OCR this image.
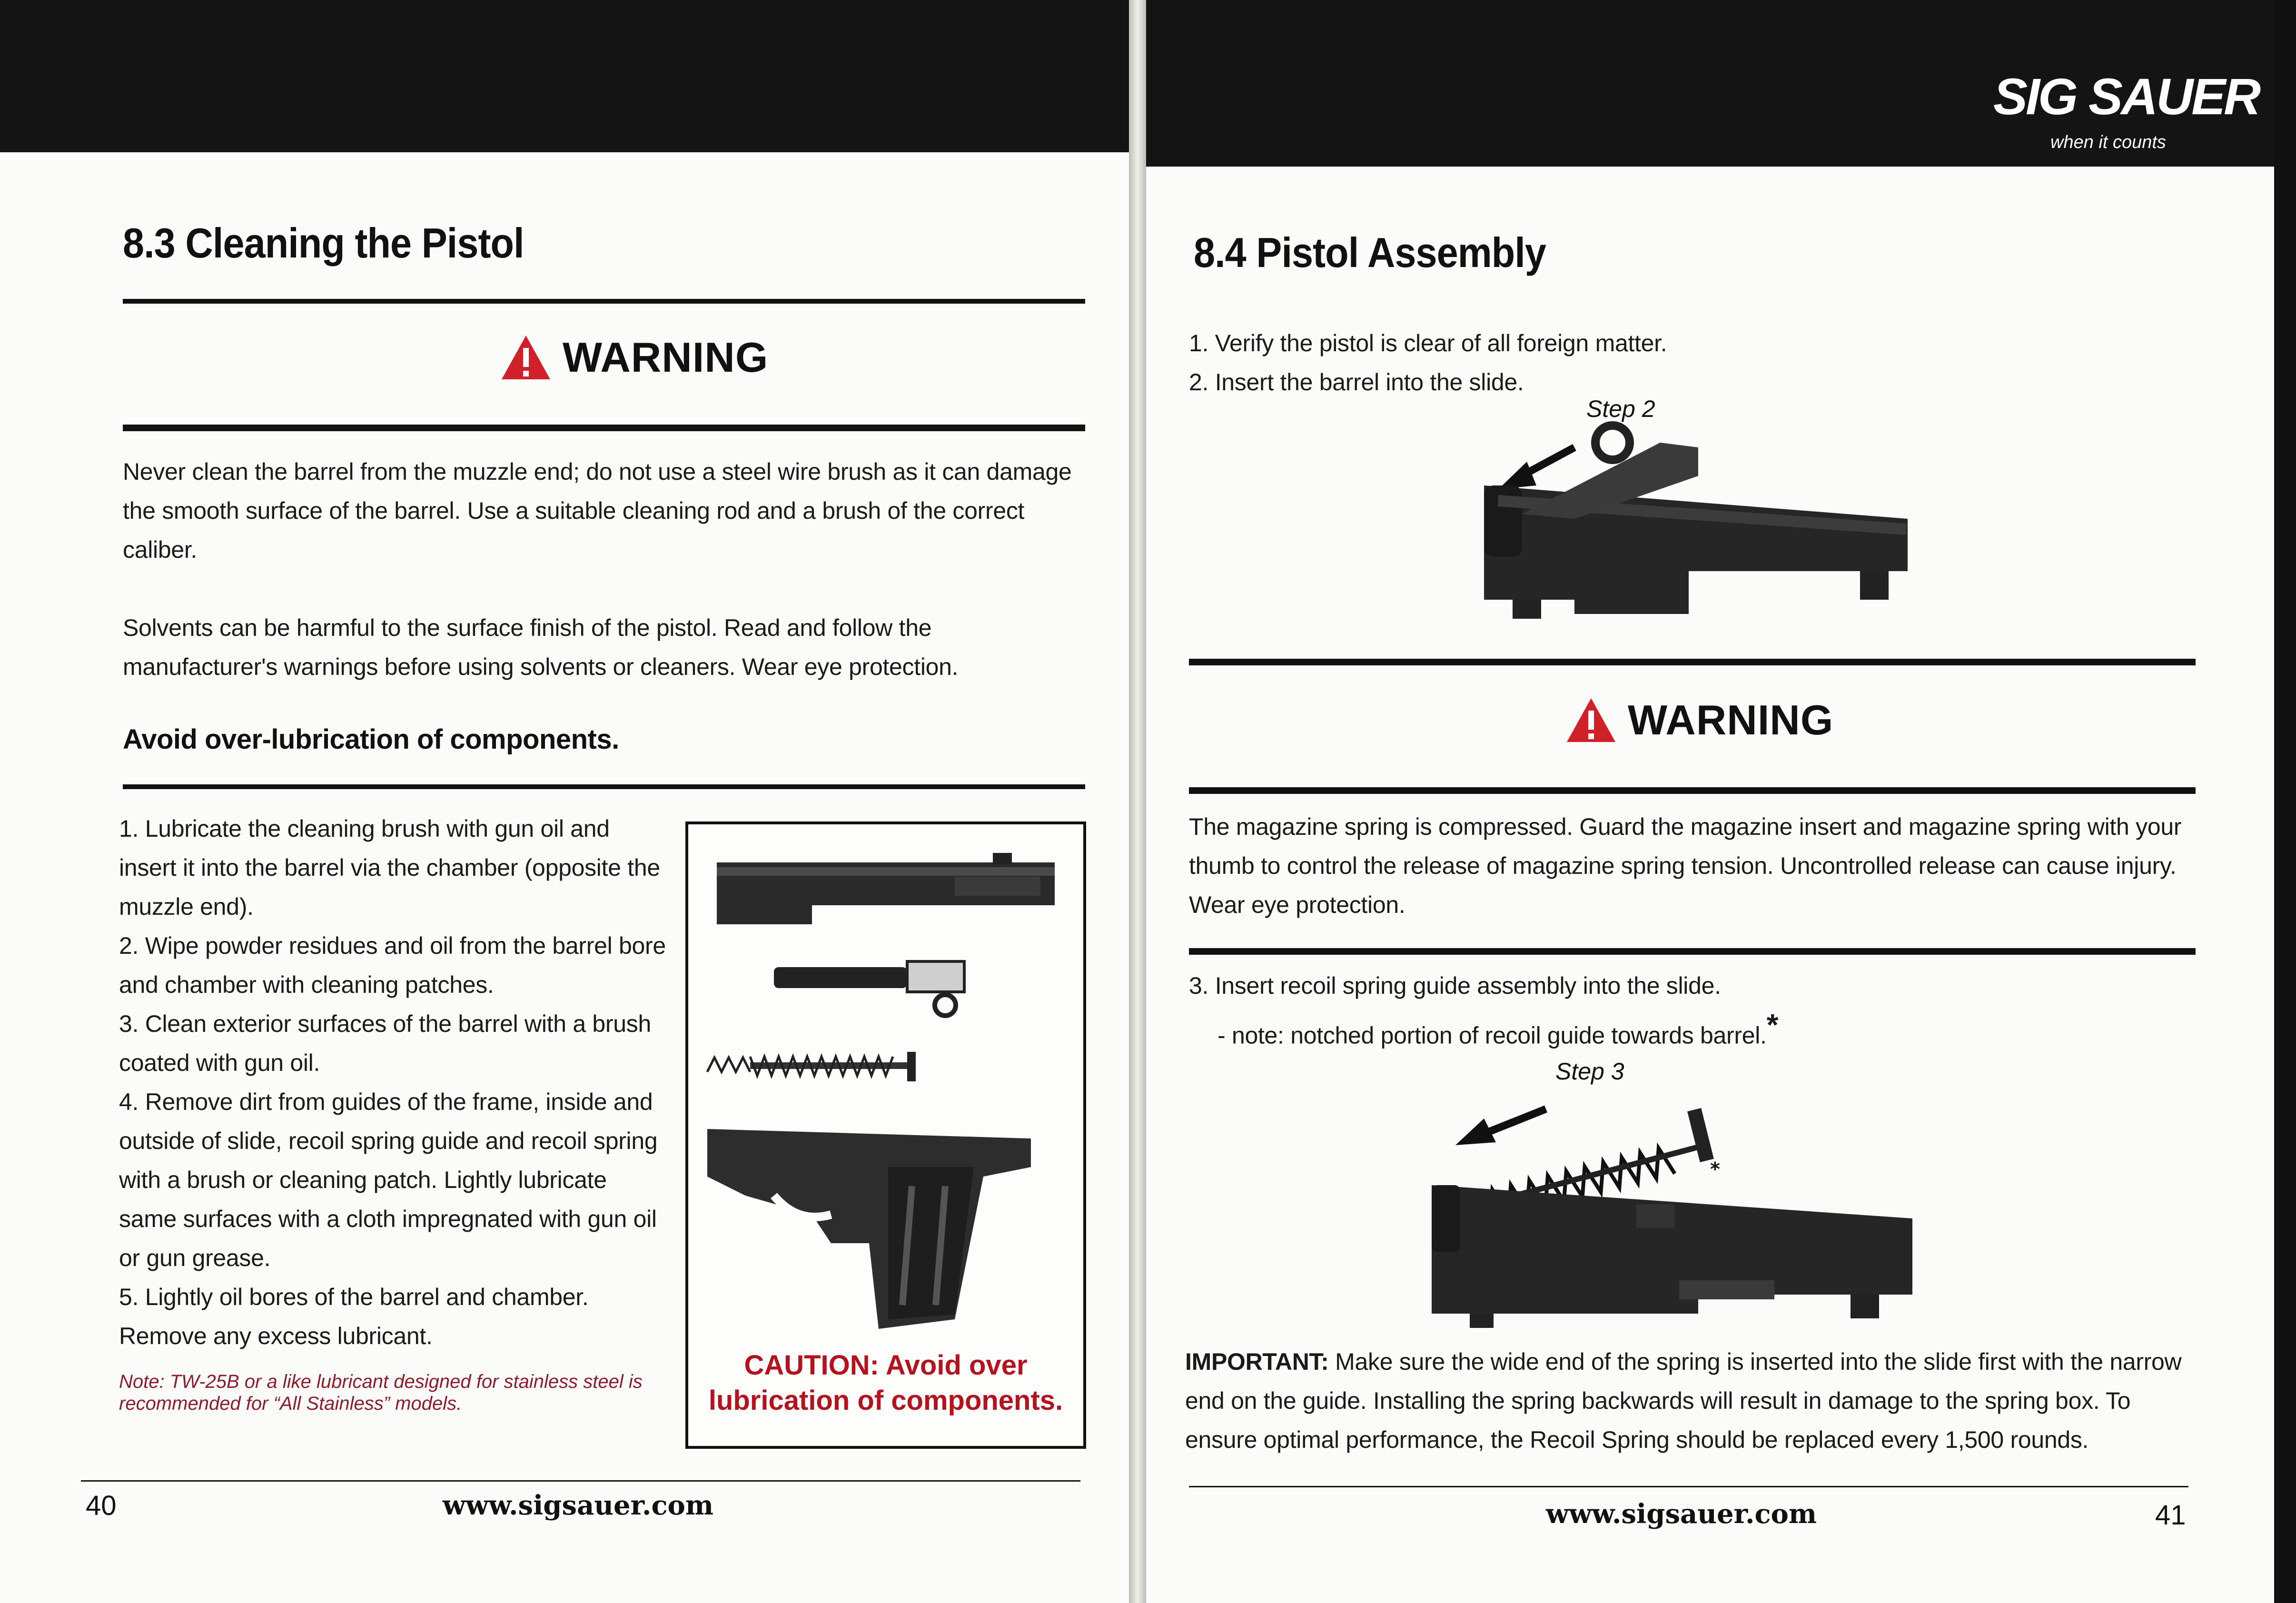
8.3 Cleaning the Pistol
WARNING

Never clean the barrel from the muzzle end; do not use a steel wire brush as it can damage the smooth surface of the barrel. Use a suitable cleaning rod and a brush of the correct caliber.

Solvents can be harmful to the surface finish of the pistol. Read and follow the manufacturer's warnings before using solvents or cleaners. Wear eye protection.

Avoid over-lubrication of components.

1. Lubricate the cleaning brush with gun oil and insert it into the barrel via the chamber (opposite the muzzle end).

2. Wipe powder residues and oil from the barrel bore and chamber with cleaning patches.

3. Clean exterior surfaces of the barrel with a brush coated with gun oil.

4. Remove dirt from guides of the frame, inside and outside of slide, recoil spring guide and recoil spring with a brush or cleaning patch. Lightly lubricate same surfaces with a cloth impregnated with gun oil or gun grease.

5. Lightly oil bores of the barrel and chamber. Remove any excess lubricant.

Note: TW-25B or a like lubricant designed for stainless steel is recommended for “All Stainless” models.
CAUTION: Avoid over lubrication of components.
40	www.sigsauer.com
SIG SAUER
when it counts
8.4 Pistol Assembly

1. Verify the pistol is clear of all foreign matter.

2. Insert the barrel into the slide.

Step 2
WARNING
The magazine spring is compressed. Guard the magazine insert and magazine spring with your thumb to control the release of magazine spring tension. Uncontrolled release can cause injury. Wear eye protection.

3. Insert recoil spring guide assembly into the slide.

- note: notched portion of recoil guide towards barrel.*

Step 3
*
IMPORTANT: Make sure the wide end of the spring is inserted into the slide first with the narrow end on the guide. Installing the spring backwards will result in damage to the spring box. To ensure optimal performance, the Recoil Spring should be replaced every 1,500 rounds.
www.sigsauer.com	41
